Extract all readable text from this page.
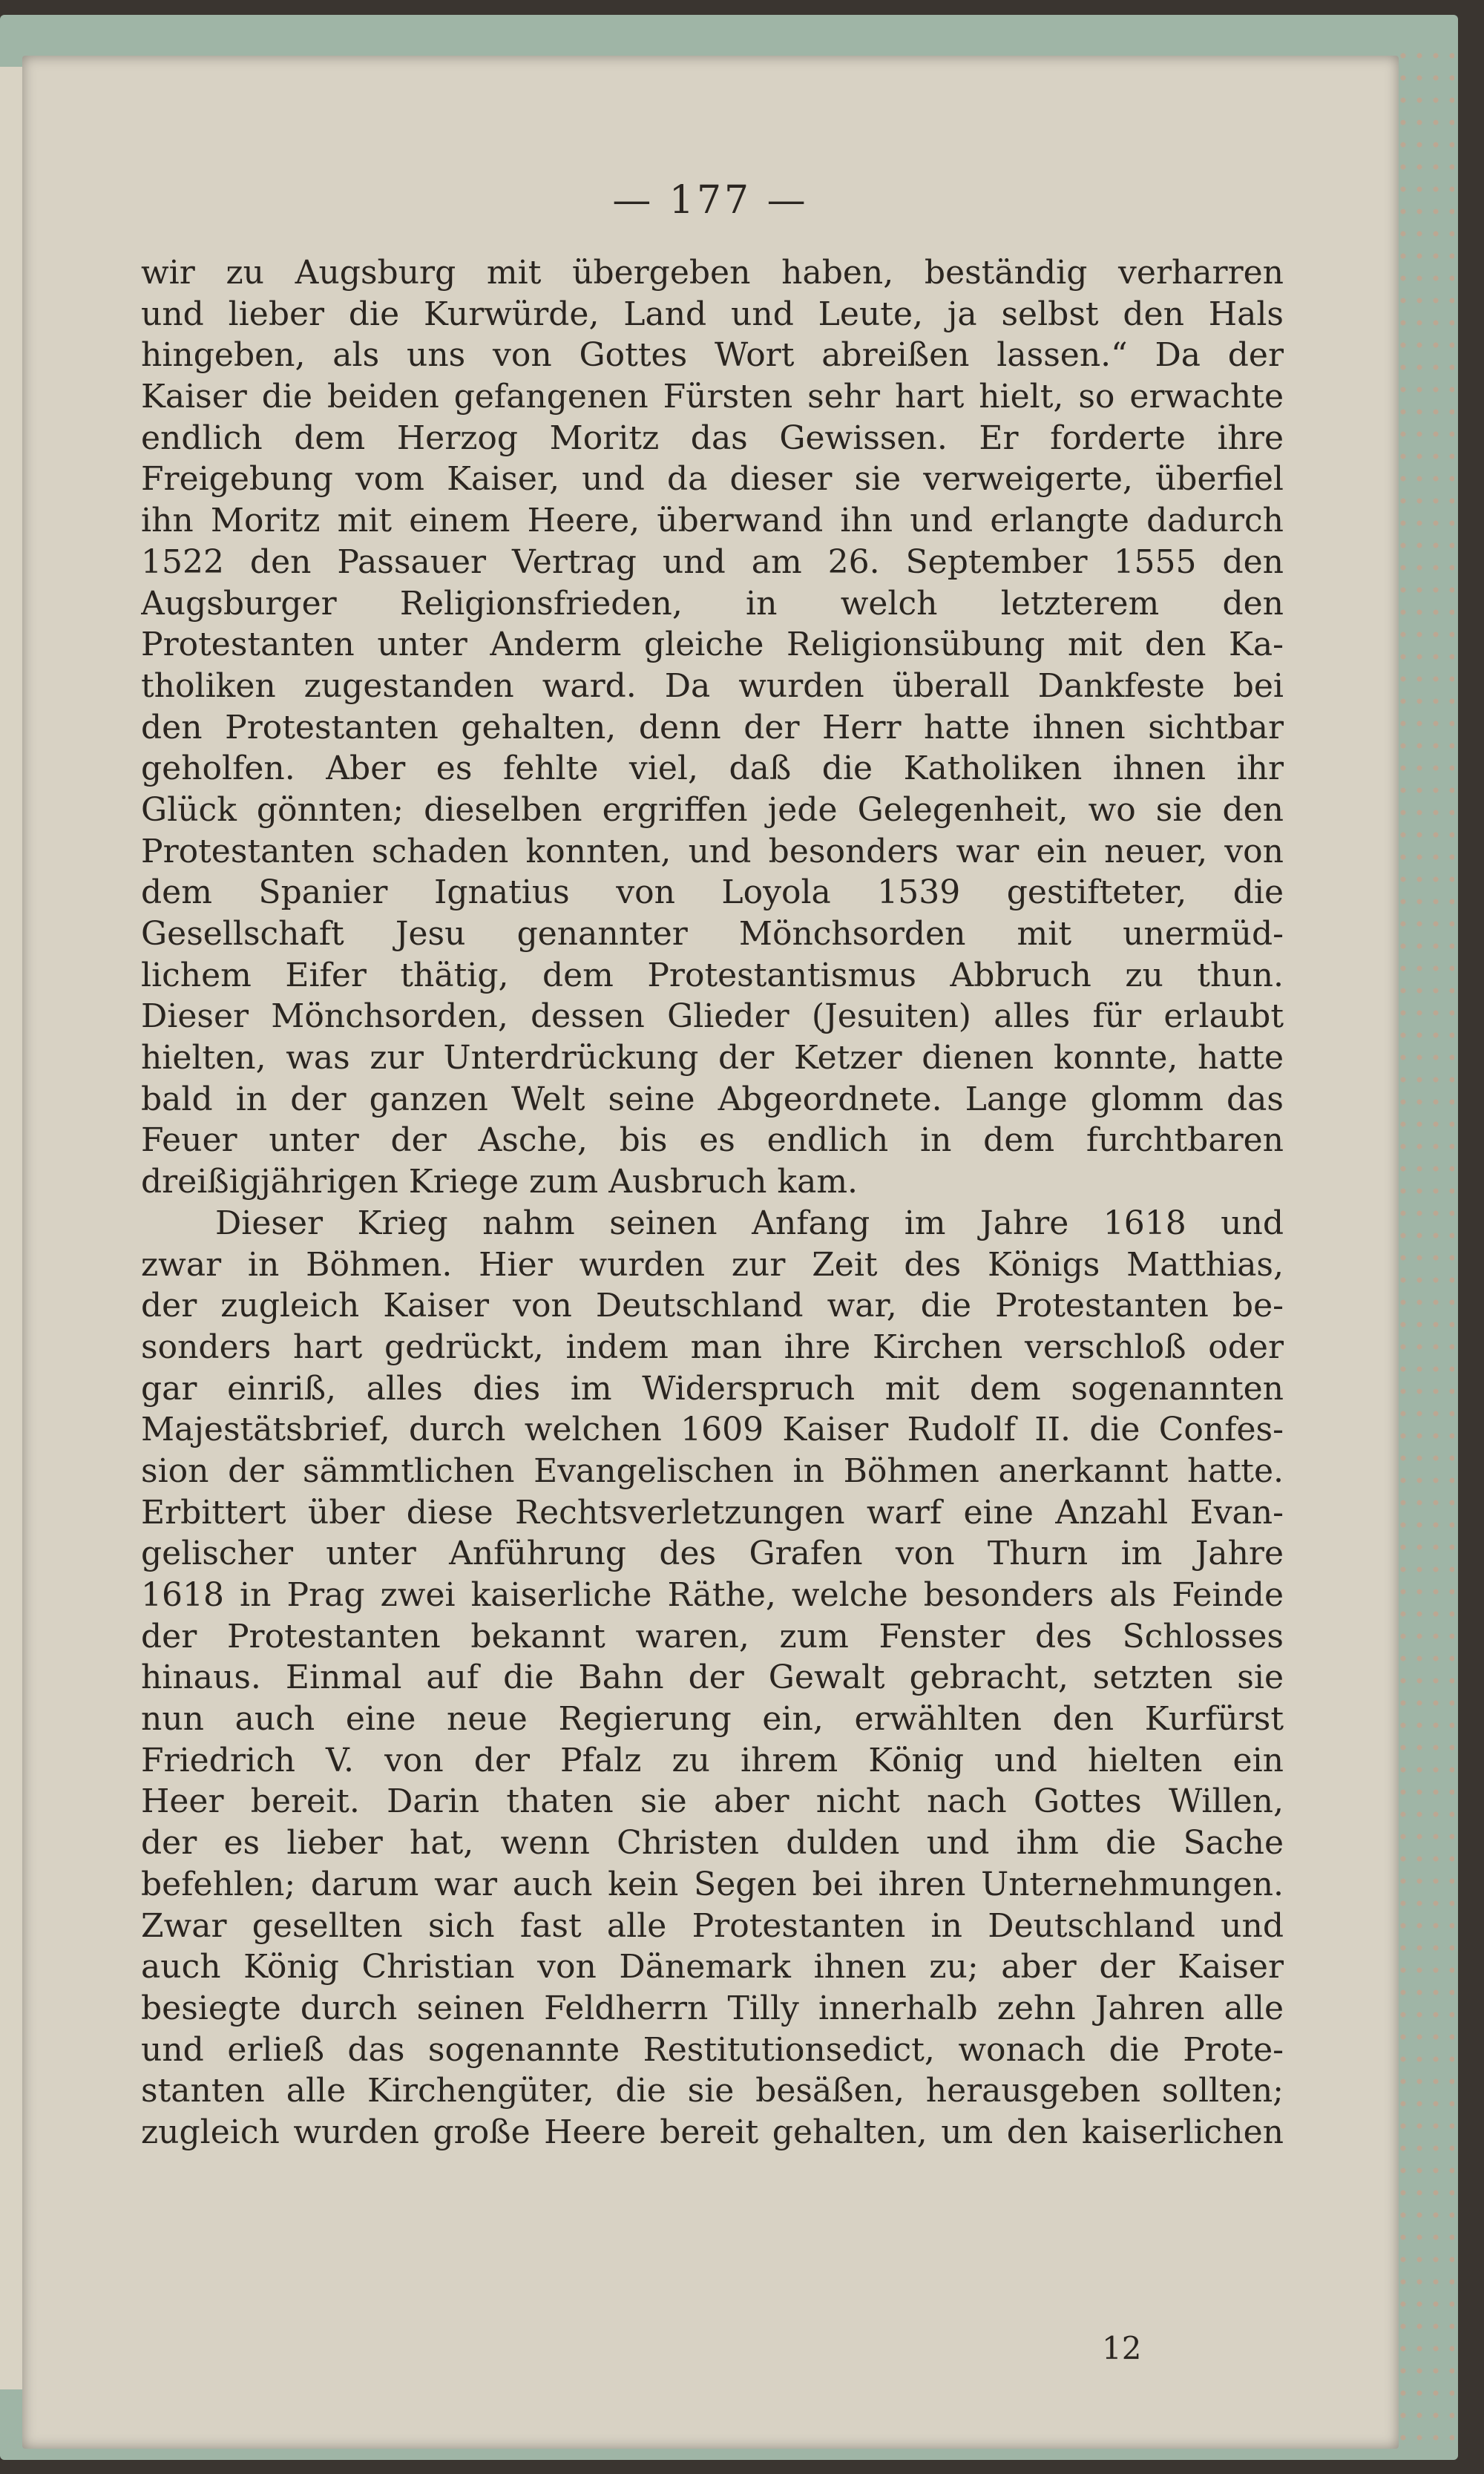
— 177 —
wir zu Augsburg mit übergeben haben, beständig verharren
und lieber die Kurwürde, Land und Leute, ja selbst den Hals
hingeben, als uns von Gottes Wort abreißen lassen.“ Da der
Kaiser die beiden gefangenen Fürsten sehr hart hielt, so erwachte
endlich dem Herzog Moritz das Gewissen. Er forderte ihre
Freigebung vom Kaiser, und da dieser sie verweigerte, überfiel
ihn Moritz mit einem Heere, überwand ihn und erlangte dadurch
1522 den Passauer Vertrag und am 26. September 1555 den
Augsburger Religionsfrieden, in welch letzterem den
Protestanten unter Anderm gleiche Religionsübung mit den Ka-
tholiken zugestanden ward. Da wurden überall Dankfeste bei
den Protestanten gehalten, denn der Herr hatte ihnen sichtbar
geholfen. Aber es fehlte viel, daß die Katholiken ihnen ihr
Glück gönnten; dieselben ergriffen jede Gelegenheit, wo sie den
Protestanten schaden konnten, und besonders war ein neuer, von
dem Spanier Ignatius von Loyola 1539 gestifteter, die
Gesellschaft Jesu genannter Mönchsorden mit unermüd-
lichem Eifer thätig, dem Protestantismus Abbruch zu thun.
Dieser Mönchsorden, dessen Glieder (Jesuiten) alles für erlaubt
hielten, was zur Unterdrückung der Ketzer dienen konnte, hatte
bald in der ganzen Welt seine Abgeordnete. Lange glomm das
Feuer unter der Asche, bis es endlich in dem furchtbaren
dreißigjährigen Kriege zum Ausbruch kam.
Dieser Krieg nahm seinen Anfang im Jahre 1618 und
zwar in Böhmen. Hier wurden zur Zeit des Königs Matthias,
der zugleich Kaiser von Deutschland war, die Protestanten be-
sonders hart gedrückt, indem man ihre Kirchen verschloß oder
gar einriß, alles dies im Widerspruch mit dem sogenannten
Majestätsbrief, durch welchen 1609 Kaiser Rudolf II. die Confes-
sion der sämmtlichen Evangelischen in Böhmen anerkannt hatte.
Erbittert über diese Rechtsverletzungen warf eine Anzahl Evan-
gelischer unter Anführung des Grafen von Thurn im Jahre
1618 in Prag zwei kaiserliche Räthe, welche besonders als Feinde
der Protestanten bekannt waren, zum Fenster des Schlosses
hinaus. Einmal auf die Bahn der Gewalt gebracht, setzten sie
nun auch eine neue Regierung ein, erwählten den Kurfürst
Friedrich V. von der Pfalz zu ihrem König und hielten ein
Heer bereit. Darin thaten sie aber nicht nach Gottes Willen,
der es lieber hat, wenn Christen dulden und ihm die Sache
befehlen; darum war auch kein Segen bei ihren Unternehmungen.
Zwar gesellten sich fast alle Protestanten in Deutschland und
auch König Christian von Dänemark ihnen zu; aber der Kaiser
besiegte durch seinen Feldherrn Tilly innerhalb zehn Jahren alle
und erließ das sogenannte Restitutionsedict, wonach die Prote-
stanten alle Kirchengüter, die sie besäßen, herausgeben sollten;
zugleich wurden große Heere bereit gehalten, um den kaiserlichen
12
